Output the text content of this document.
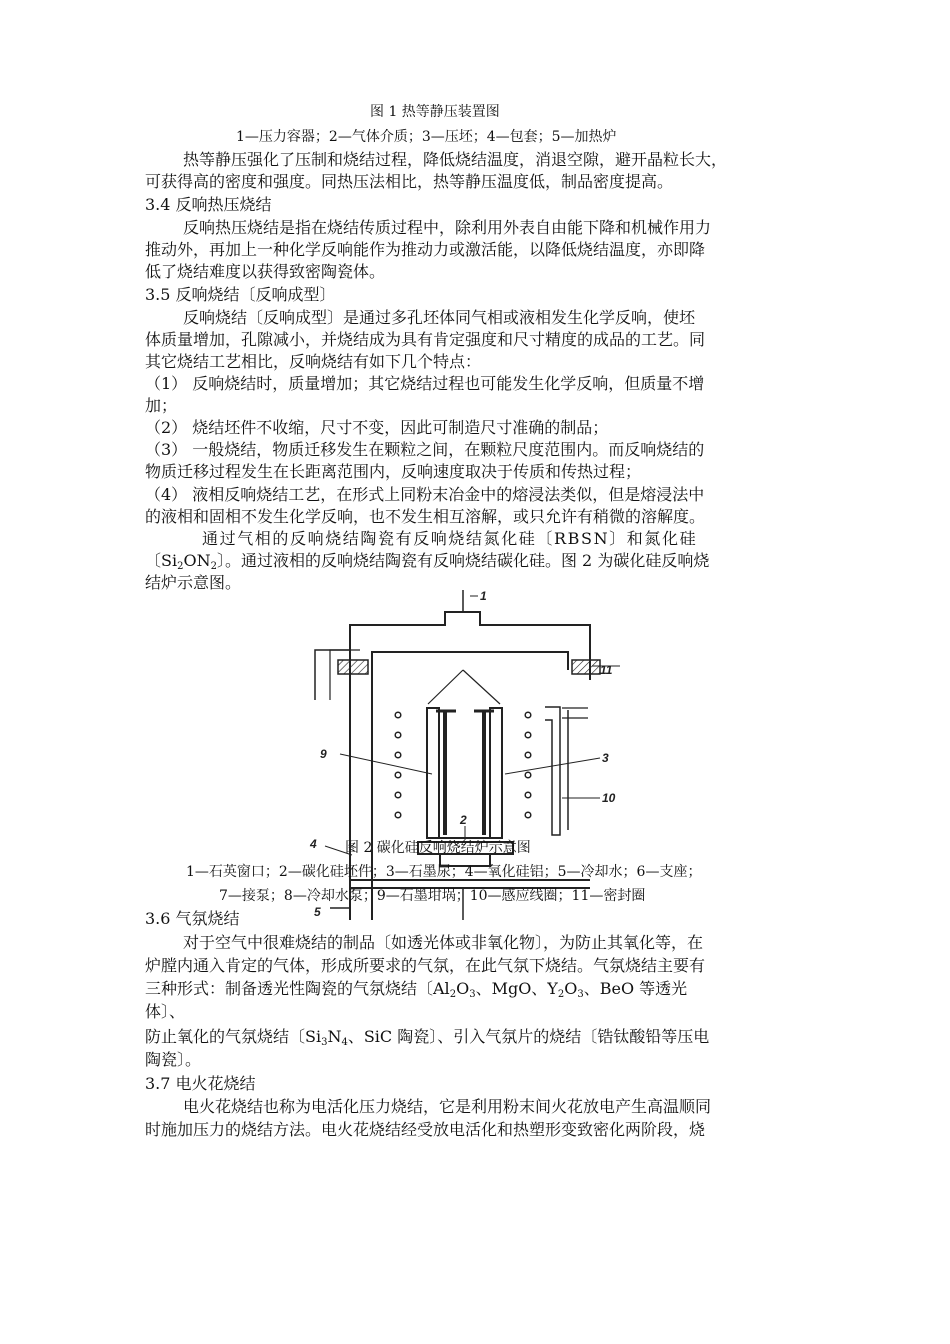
图 1 热等静压装置图
1—压力容器；2—气体介质；3—压坯；4—包套；5—加热炉
热等静压强化了压制和烧结过程，降低烧结温度，消退空隙，避开晶粒长大，
可获得高的密度和强度。同热压法相比，热等静压温度低，制品密度提高。
3.4 反响热压烧结
反响热压烧结是指在烧结传质过程中，除利用外表自由能下降和机械作用力
推动外，再加上一种化学反响能作为推动力或激活能，以降低烧结温度，亦即降
低了烧结难度以获得致密陶瓷体。
3.5 反响烧结〔反响成型〕
反响烧结〔反响成型〕是通过多孔坯体同气相或液相发生化学反响，使坯
体质量增加，孔隙减小，并烧结成为具有肯定强度和尺寸精度的成品的工艺。同
其它烧结工艺相比，反响烧结有如下几个特点：
（1） 反响烧结时，质量增加；其它烧结过程也可能发生化学反响，但质量不增
加；
（2） 烧结坯件不收缩，尺寸不变，因此可制造尺寸准确的制品；
（3） 一般烧结，物质迁移发生在颗粒之间，在颗粒尺度范围内。而反响烧结的
物质迁移过程发生在长距离范围内，反响速度取决于传质和传热过程；
（4） 液相反响烧结工艺，在形式上同粉末冶金中的熔浸法类似，但是熔浸法中
的液相和固相不发生化学反响，也不发生相互溶解，或只允许有稍微的溶解度。
通过气相的反响烧结陶瓷有反响烧结氮化硅〔RBSN〕和氮化硅
〔$Si_2ON_2$〕。通过液相的反响烧结陶瓷有反响烧结碳化硅。图 2 为碳化硅反响烧
结炉示意图。
1
11
9	3
10
2
4
5
图 2 碳化硅反响烧结炉示意图
1—石英窗口；2—碳化硅坯件；3—石墨尿；4—氧化硅铝；5—冷却水；6—支座；
7—接泵；8—冷却水泵；9—石墨坩埚；10—感应线圈；11—密封圈
3.6 气氛烧结
对于空气中很难烧结的制品〔如透光体或非氧化物〕，为防止其氧化等，在
炉膛内通入肯定的气体，形成所要求的气氛，在此气氛下烧结。气氛烧结主要有
三种形式：制备透光性陶瓷的气氛烧结〔$Al_2O_3$、MgO、$Y_2O_3$、BeO 等透光
体〕、
防止氧化的气氛烧结〔$Si_3N_4$、SiC 陶瓷〕、引入气氛片的烧结〔锆钛酸铅等压电
陶瓷〕。
3.7 电火花烧结
电火花烧结也称为电活化压力烧结，它是利用粉末间火花放电产生高温顺同
时施加压力的烧结方法。电火花烧结经受放电活化和热塑形变致密化两阶段，烧
